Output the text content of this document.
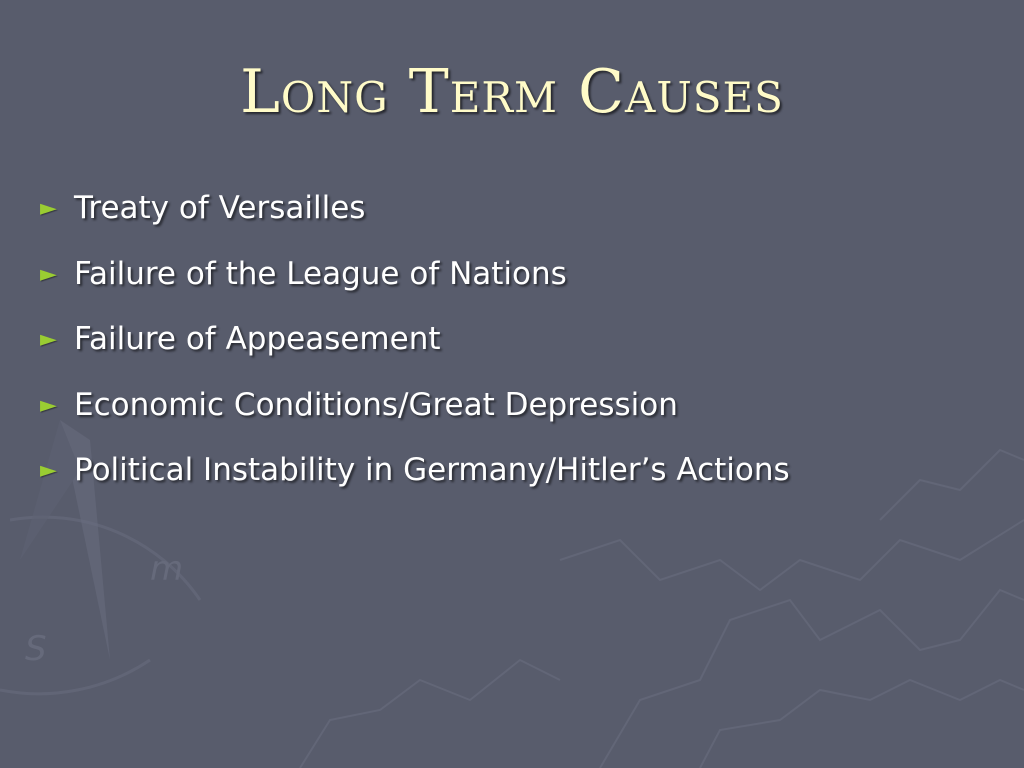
m
S
Long Term Causes
► Treaty of Versailles
► Failure of the League of Nations
► Failure of Appeasement
► Economic Conditions/Great Depression
► Political Instability in Germany/Hitler’s Actions
